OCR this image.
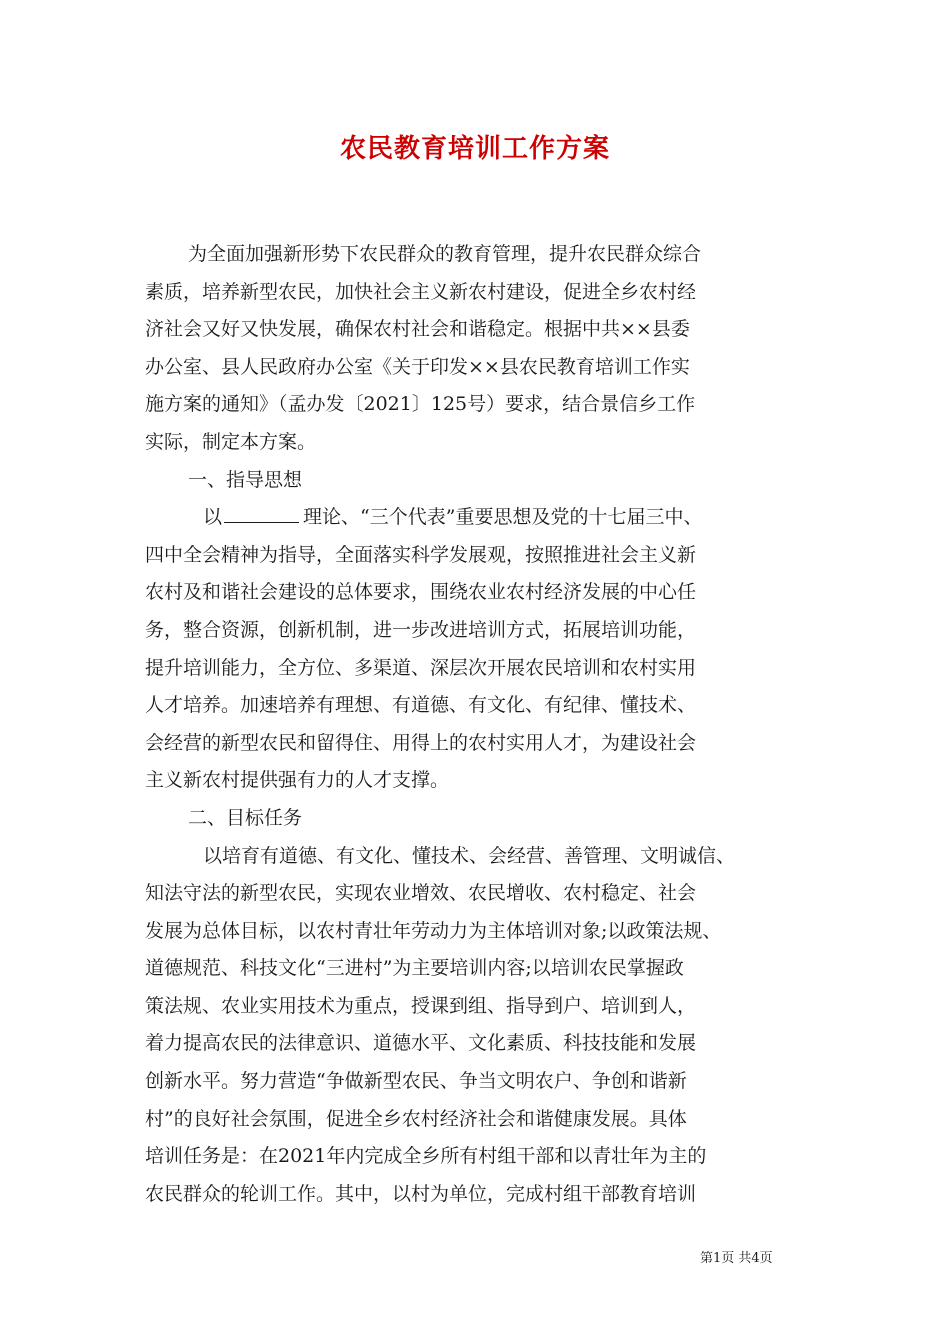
农民教育培训工作方案
为全面加强新形势下农民群众的教育管理，提升农民群众综合
素质，培养新型农民，加快社会主义新农村建设，促进全乡农村经
济社会又好又快发展，确保农村社会和谐稳定。根据中共××县委
办公室、县人民政府办公室《关于印发××县农民教育培训工作实
施方案的通知》（孟办发〔2021〕125号）要求，结合景信乡工作
实际，制定本方案。
一、指导思想
以	理论、“三个代表”重要思想及党的十七届三中、
四中全会精神为指导，全面落实科学发展观，按照推进社会主义新
农村及和谐社会建设的总体要求，围绕农业农村经济发展的中心任
务，整合资源，创新机制，进一步改进培训方式，拓展培训功能，
提升培训能力，全方位、多渠道、深层次开展农民培训和农村实用
人才培养。加速培养有理想、有道德、有文化、有纪律、懂技术、
会经营的新型农民和留得住、用得上的农村实用人才，为建设社会
主义新农村提供强有力的人才支撑。
二、目标任务
以培育有道德、有文化、懂技术、会经营、善管理、文明诚信、
知法守法的新型农民，实现农业增效、农民增收、农村稳定、社会
发展为总体目标，以农村青壮年劳动力为主体培训对象;以政策法规、
道德规范、科技文化“三进村”为主要培训内容;以培训农民掌握政
策法规、农业实用技术为重点，授课到组、指导到户、培训到人，
着力提高农民的法律意识、道德水平、文化素质、科技技能和发展
创新水平。努力营造“争做新型农民、争当文明农户、争创和谐新
村”的良好社会氛围，促进全乡农村经济社会和谐健康发展。具体
培训任务是：在2021年内完成全乡所有村组干部和以青壮年为主的
农民群众的轮训工作。其中，以村为单位，完成村组干部教育培训
第1页 共4页
